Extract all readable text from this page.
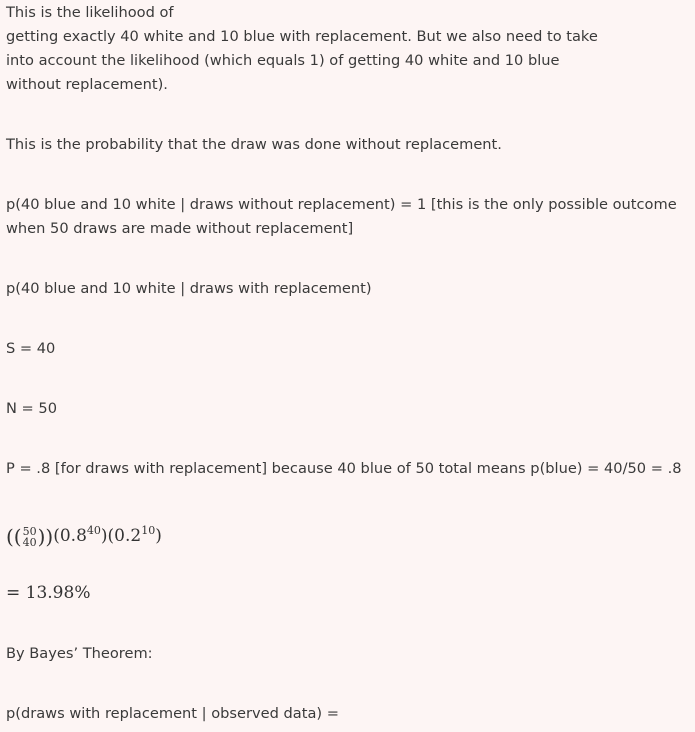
This is the likelihood of
getting exactly 40 white and 10 blue with replacement. But we also need to take
into account the likelihood (which equals 1) of getting 40 white and 10 blue
without replacement).
This is the probability that the draw was done without replacement.
p(40 blue and 10 white | draws without replacement) = 1 [this is the only possible outcome
when 50 draws are made without replacement]
p(40 blue and 10 white | draws with replacement)
S = 40
N = 50
P = .8 [for draws with replacement] because 40 blue of 50 total means p(blue) = 40/50 = .8
(( 50
40 ))$(0.8^{40})(0.2^{10})$
= 13.98%
By Bayes’ Theorem:
p(draws with replacement | observed data) =
